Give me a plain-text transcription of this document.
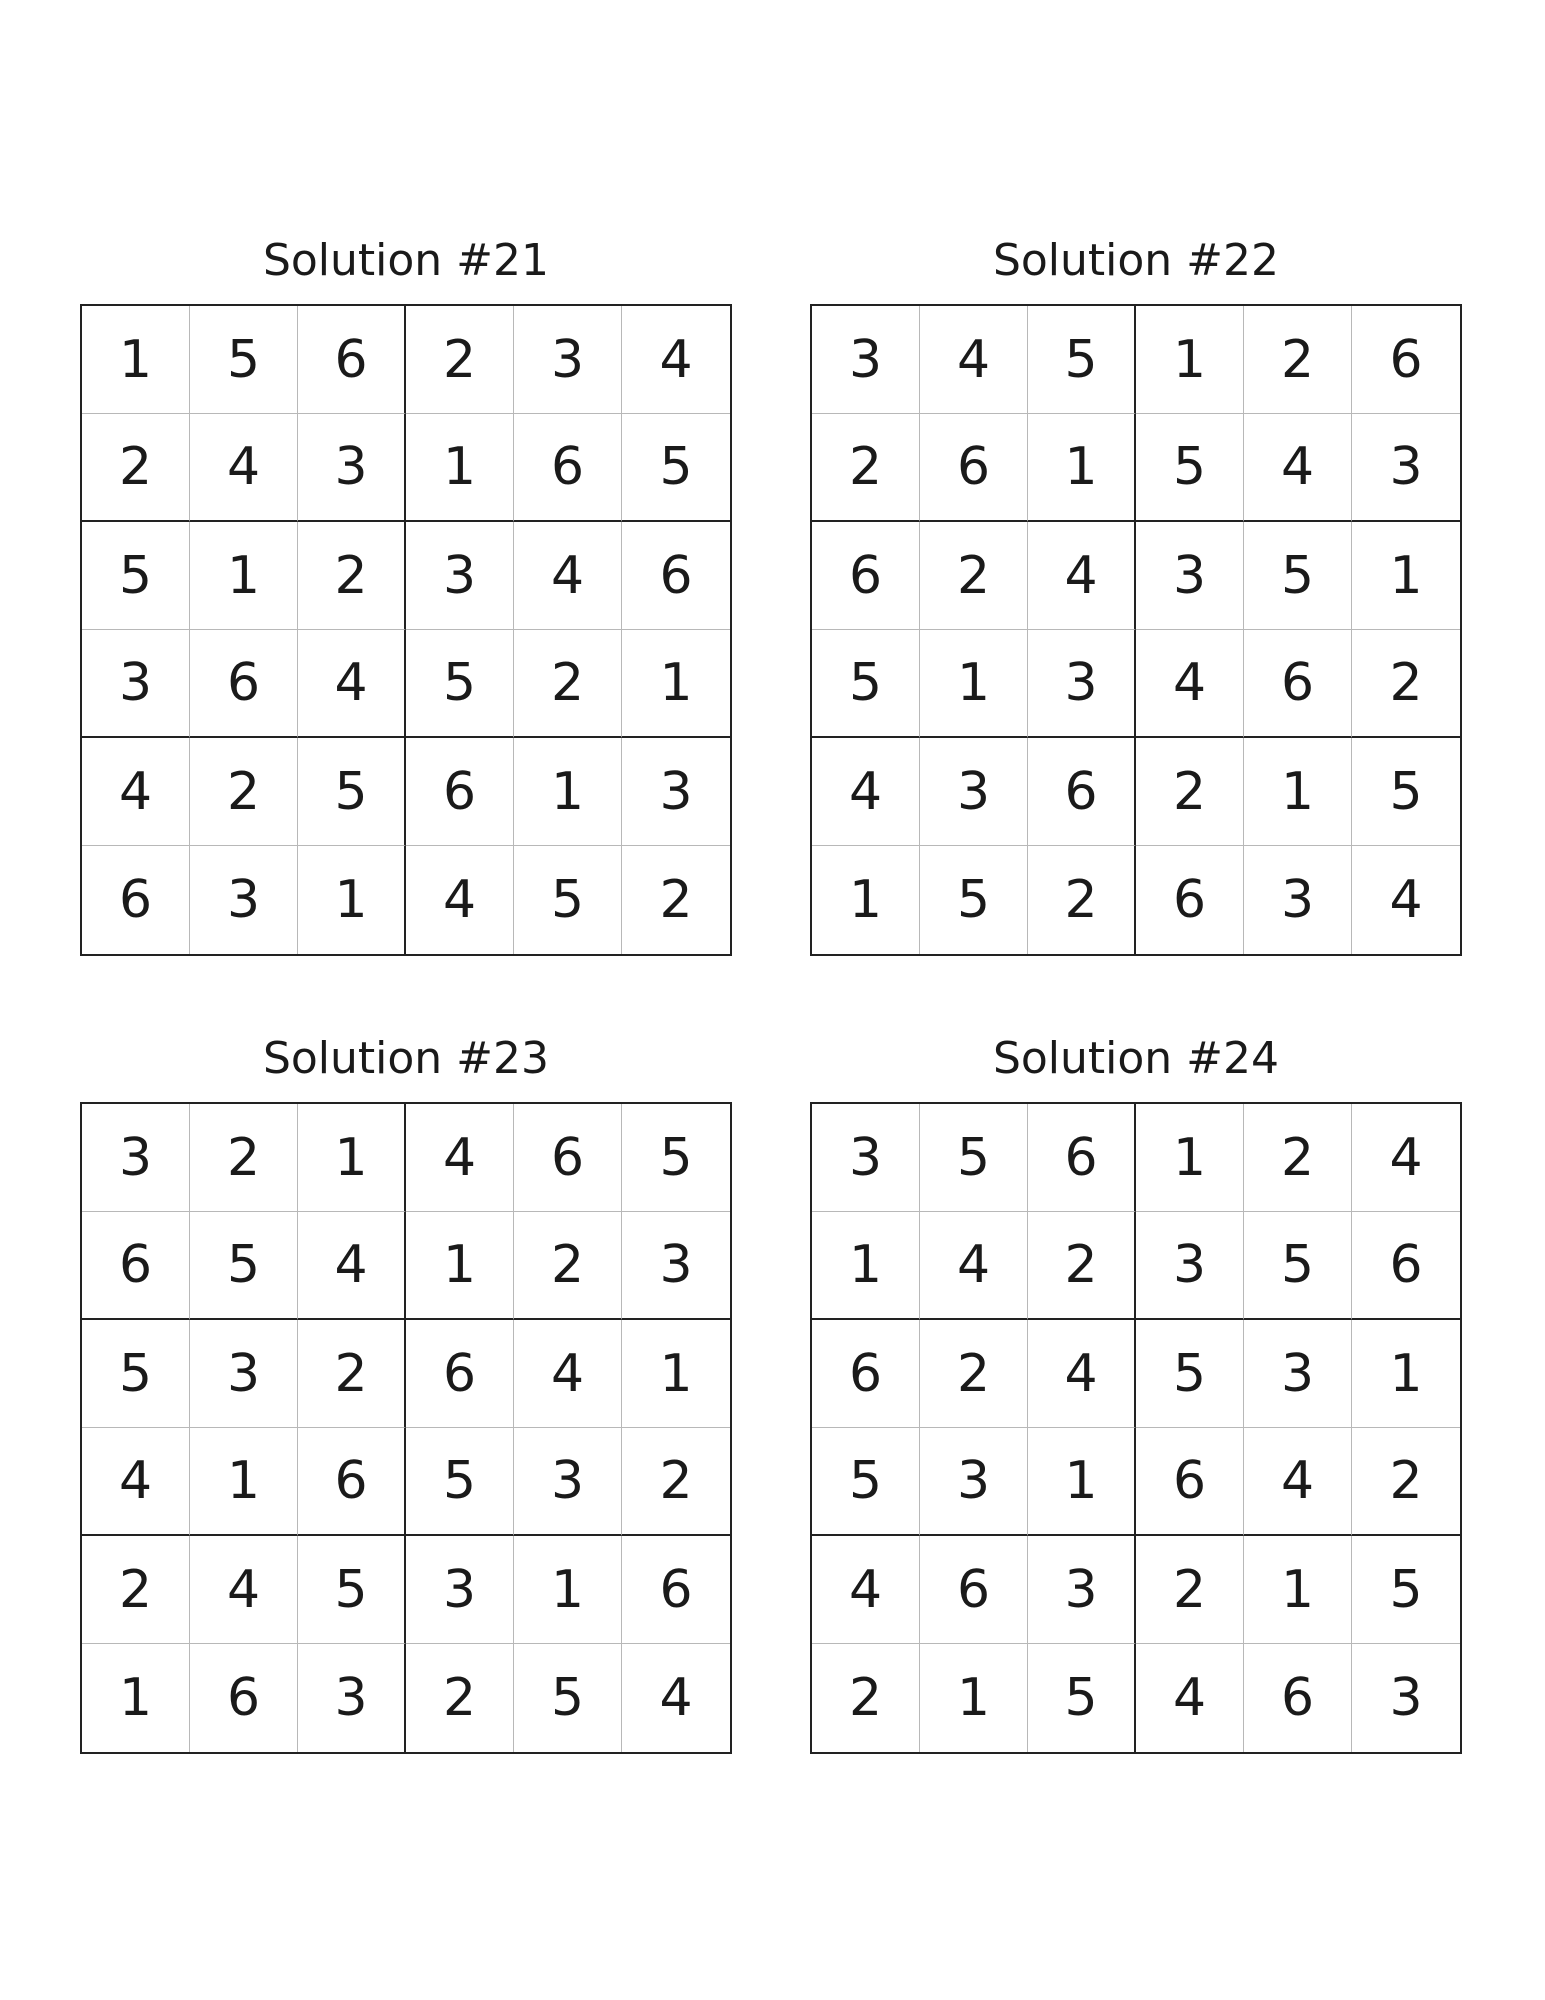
Solution #21
1	5	6	2	3	4
2	4	3	1	6	5
5	1	2	3	4	6
3	6	4	5	2	1
4	2	5	6	1	3
6	3	1	4	5	2
Solution #22
3	4	5	1	2	6
2	6	1	5	4	3
6	2	4	3	5	1
5	1	3	4	6	2
4	3	6	2	1	5
1	5	2	6	3	4
Solution #23
3	2	1	4	6	5
6	5	4	1	2	3
5	3	2	6	4	1
4	1	6	5	3	2
2	4	5	3	1	6
1	6	3	2	5	4
Solution #24
3	5	6	1	2	4
1	4	2	3	5	6
6	2	4	5	3	1
5	3	1	6	4	2
4	6	3	2	1	5
2	1	5	4	6	3
